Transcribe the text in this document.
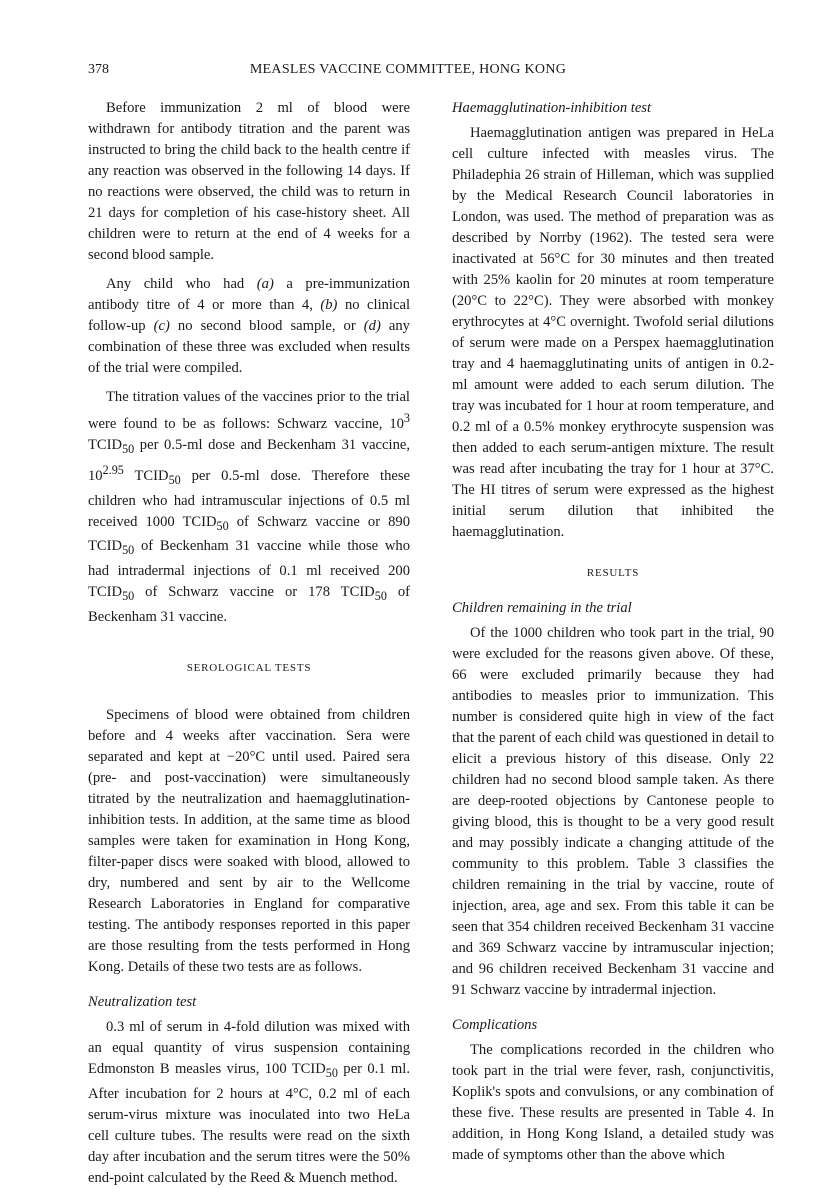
378	MEASLES VACCINE COMMITTEE, HONG KONG

Before immunization 2 ml of blood were withdrawn for antibody titration and the parent was instructed to bring the child back to the health centre if any reaction was observed in the following 14 days. If no reactions were observed, the child was to return in 21 days for completion of his case-history sheet. All children were to return at the end of 4 weeks for a second blood sample.

Any child who had (a) a pre-immunization antibody titre of 4 or more than 4, (b) no clinical follow-up (c) no second blood sample, or (d) any combination of these three was excluded when results of the trial were compiled.

The titration values of the vaccines prior to the trial were found to be as follows: Schwarz vaccine, $10^3$ $TCID_{50}$ per 0.5-ml dose and Beckenham 31 vaccine, $10^{2.95}$ $TCID_{50}$ per 0.5-ml dose. Therefore these children who had intramuscular injections of 0.5 ml received 1000 $TCID_{50}$ of Schwarz vaccine or 890 $TCID_{50}$ of Beckenham 31 vaccine while those who had intradermal injections of 0.1 ml received 200 $TCID_{50}$ of Schwarz vaccine or 178 $TCID_{50}$ of Beckenham 31 vaccine.

SEROLOGICAL TESTS

Specimens of blood were obtained from children before and 4 weeks after vaccination. Sera were separated and kept at −20°C until used. Paired sera (pre- and post-vaccination) were simultaneously titrated by the neutralization and haemagglutination-inhibition tests. In addition, at the same time as blood samples were taken for examination in Hong Kong, filter-paper discs were soaked with blood, allowed to dry, numbered and sent by air to the Wellcome Research Laboratories in England for comparative testing. The antibody responses reported in this paper are those resulting from the tests performed in Hong Kong. Details of these two tests are as follows.

Neutralization test

0.3 ml of serum in 4-fold dilution was mixed with an equal quantity of virus suspension containing Edmonston B measles virus, 100 $TCID_{50}$ per 0.1 ml. After incubation for 2 hours at 4°C, 0.2 ml of each serum-virus mixture was inoculated into two HeLa cell culture tubes. The results were read on the sixth day after incubation and the serum titres were the 50% end-point calculated by the Reed & Muench method.

Haemagglutination-inhibition test

Haemagglutination antigen was prepared in HeLa cell culture infected with measles virus. The Philadephia 26 strain of Hilleman, which was supplied by the Medical Research Council laboratories in London, was used. The method of preparation was as described by Norrby (1962). The tested sera were inactivated at 56°C for 30 minutes and then treated with 25% kaolin for 20 minutes at room temperature (20°C to 22°C). They were absorbed with monkey erythrocytes at 4°C overnight. Twofold serial dilutions of serum were made on a Perspex haemagglutination tray and 4 haemagglutinating units of antigen in 0.2-ml amount were added to each serum dilution. The tray was incubated for 1 hour at room temperature, and 0.2 ml of a 0.5% monkey erythrocyte suspension was then added to each serum-antigen mixture. The result was read after incubating the tray for 1 hour at 37°C. The HI titres of serum were expressed as the highest initial serum dilution that inhibited the haemagglutination.

RESULTS
Children remaining in the trial

Of the 1000 children who took part in the trial, 90 were excluded for the reasons given above. Of these, 66 were excluded primarily because they had antibodies to measles prior to immunization. This number is considered quite high in view of the fact that the parent of each child was questioned in detail to elicit a previous history of this disease. Only 22 children had no second blood sample taken. As there are deep-rooted objections by Cantonese people to giving blood, this is thought to be a very good result and may possibly indicate a changing attitude of the community to this problem. Table 3 classifies the children remaining in the trial by vaccine, route of injection, area, age and sex. From this table it can be seen that 354 children received Beckenham 31 vaccine and 369 Schwarz vaccine by intramuscular injection; and 96 children received Beckenham 31 vaccine and 91 Schwarz vaccine by intradermal injection.

Complications

The complications recorded in the children who took part in the trial were fever, rash, conjunctivitis, Koplik's spots and convulsions, or any combination of these five. These results are presented in Table 4. In addition, in Hong Kong Island, a detailed study was made of symptoms other than the above which
